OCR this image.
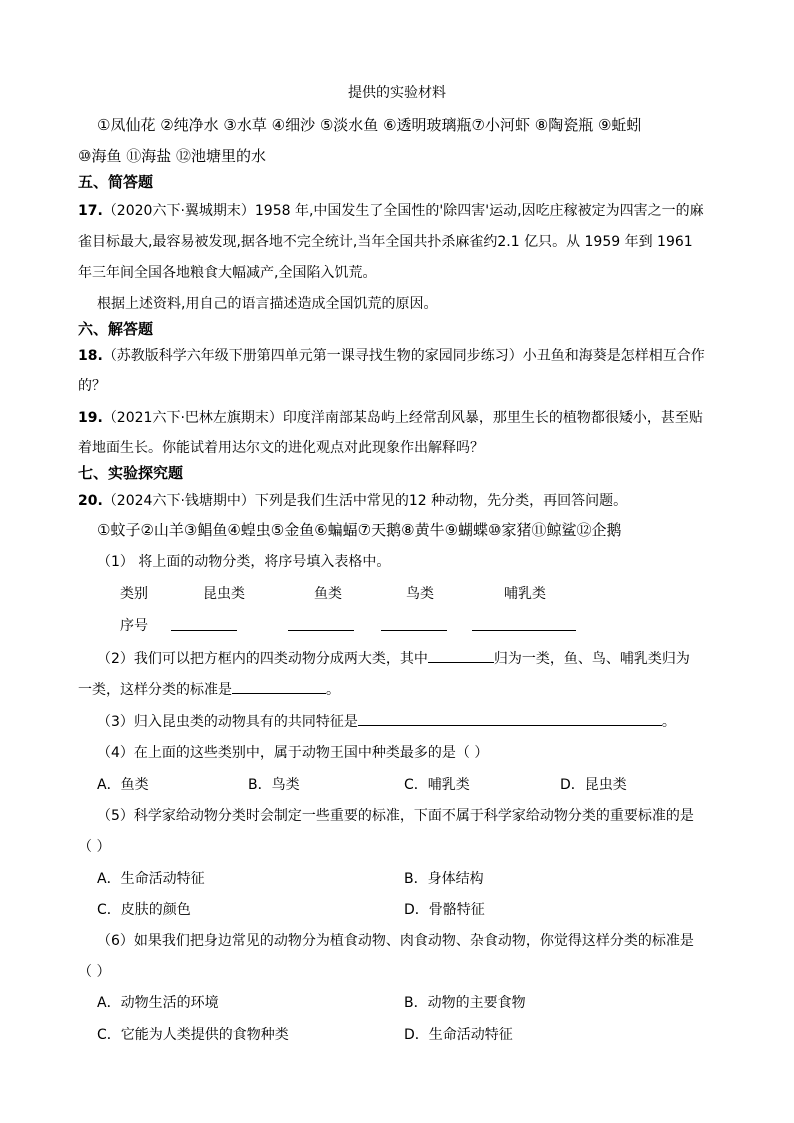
提供的实验材料
①凤仙花 ②纯净水 ③水草 ④细沙 ⑤淡水鱼 ⑥透明玻璃瓶⑦小河虾 ⑧陶瓷瓶 ⑨蚯蚓
⑩海鱼 ⑪海盐 ⑫池塘里的水
五、简答题
17.（2020六下·翼城期末）1958 年,中国发生了全国性的'除四害'运动,因吃庄稼被定为四害之一的麻
雀目标最大,最容易被发现,据各地不完全统计,当年全国共扑杀麻雀约2.1 亿只。从 1959 年到 1961
年三年间全国各地粮食大幅减产,全国陷入饥荒。
根据上述资料,用自己的语言描述造成全国饥荒的原因。
六、解答题
18.（苏教版科学六年级下册第四单元第一课寻找生物的家园同步练习）小丑鱼和海葵是怎样相互合作
的？
19.（2021六下·巴林左旗期末）印度洋南部某岛屿上经常刮风暴，那里生长的植物都很矮小，甚至贴
着地面生长。你能试着用达尔文的进化观点对此现象作出解释吗？
七、实验探究题
20.（2024六下·钱塘期中）下列是我们生活中常见的12 种动物，先分类，再回答问题。
①蚊子②山羊③鲳鱼④蝗虫⑤金鱼⑥蝙蝠⑦天鹅⑧黄牛⑨蝴蝶⑩家猪⑪鲸鲨⑫企鹅
（1） 将上面的动物分类，将序号填入表格中。
类别	昆虫类	鱼类	鸟类	哺乳类
序号
（2）我们可以把方框内的四类动物分成两大类，其中	归为一类，鱼、鸟、哺乳类归为
一类，这样分类的标准是	。
（3）归入昆虫类的动物具有的共同特征是	。
（4）在上面的这些类别中，属于动物王国中种类最多的是（ ）
A．鱼类	B．鸟类	C．哺乳类	D．昆虫类
（5）科学家给动物分类时会制定一些重要的标准，下面不属于科学家给动物分类的重要标准的是
（ ）
A．生命活动特征	B．身体结构
C．皮肤的颜色	D．骨骼特征
（6）如果我们把身边常见的动物分为植食动物、肉食动物、杂食动物，你觉得这样分类的标准是
（ ）
A．动物生活的环境	B．动物的主要食物
C．它能为人类提供的食物种类	D．生命活动特征
